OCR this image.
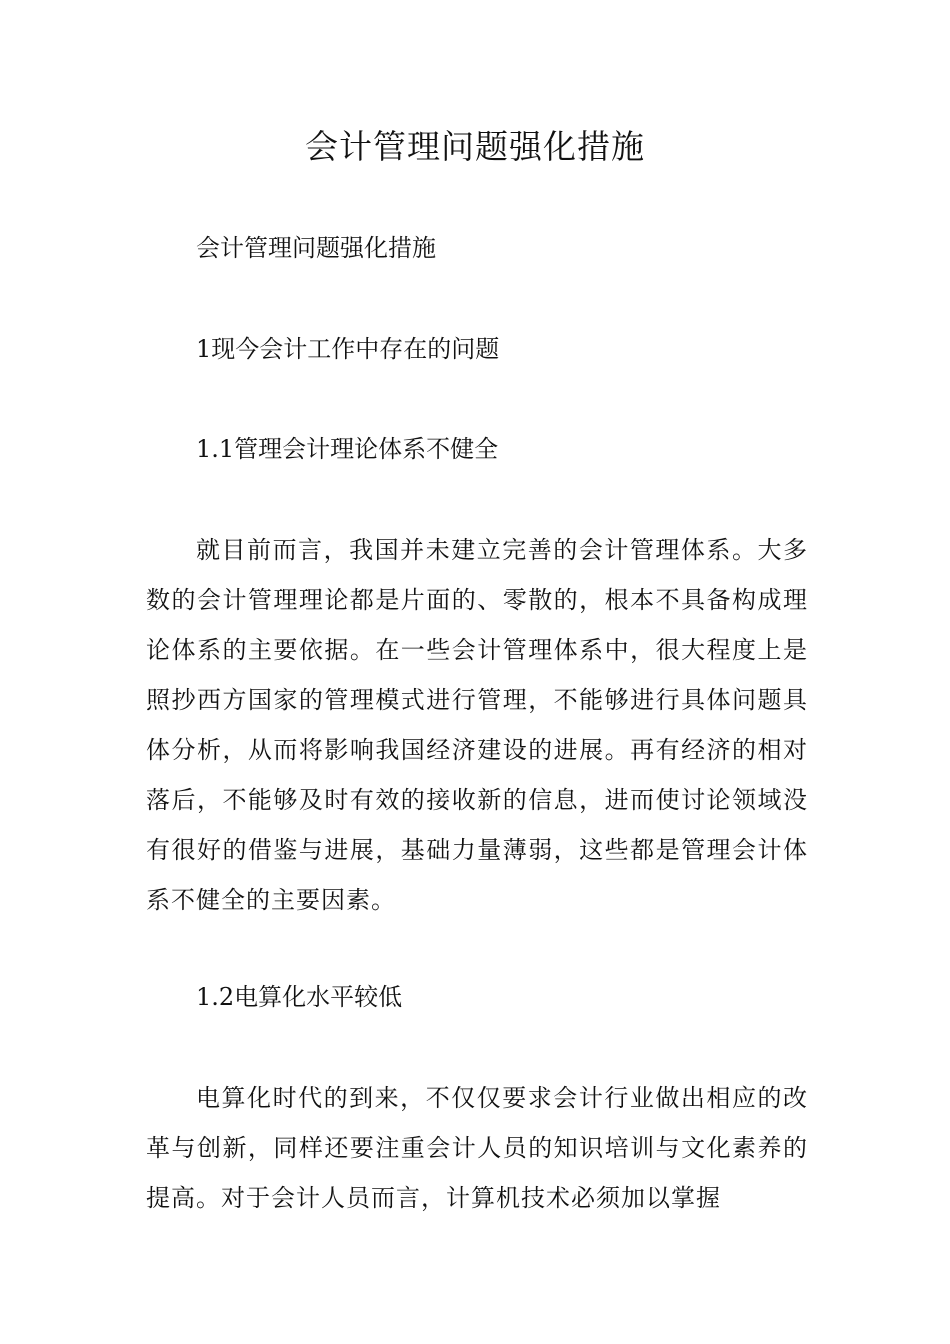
会计管理问题强化措施

会计管理问题强化措施

1现今会计工作中存在的问题

1.1管理会计理论体系不健全

就目前而言，我国并未建立完善的会计管理体系。大多数的会计管理理论都是片面的、零散的，根本不具备构成理论体系的主要依据。在一些会计管理体系中，很大程度上是照抄西方国家的管理模式进行管理，不能够进行具体问题具体分析，从而将影响我国经济建设的进展。再有经济的相对落后，不能够及时有效的接收新的信息，进而使讨论领域没有很好的借鉴与进展，基础力量薄弱，这些都是管理会计体系不健全的主要因素。

1.2电算化水平较低

电算化时代的到来，不仅仅要求会计行业做出相应的改革与创新，同样还要注重会计人员的知识培训与文化素养的提高。对于会计人员而言，计算机技术必须加以掌握
